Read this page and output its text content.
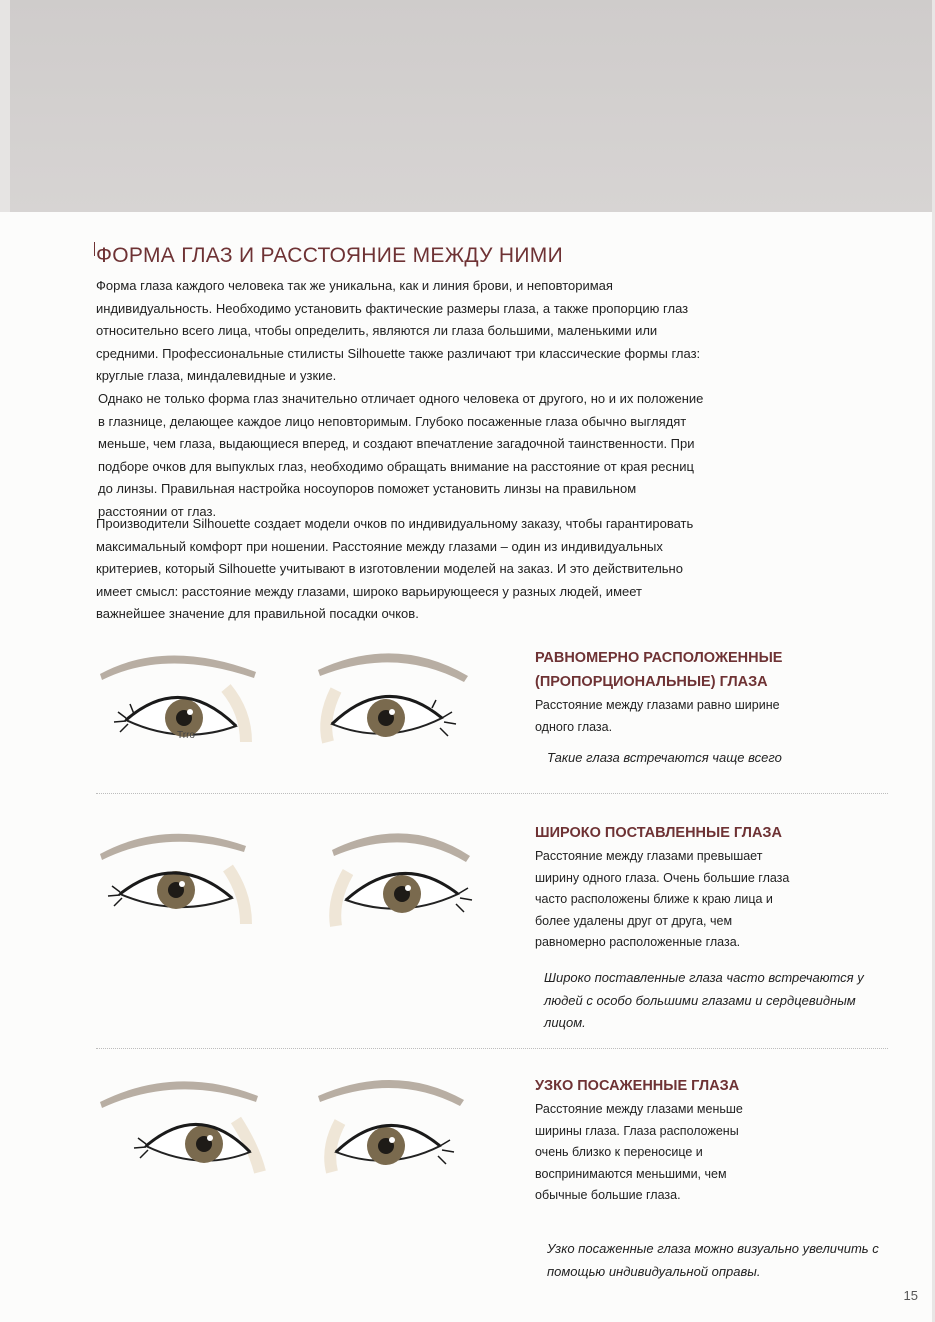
ФОРМА ГЛАЗ И РАССТОЯНИЕ МЕЖДУ НИМИ

Форма глаза каждого человека так же уникальна, как и линия брови, и неповторимая индивидуальность. Необходимо установить фактические размеры глаза, а также пропорцию глаз относительно всего лица, чтобы определить, являются ли глаза большими, маленькими или средними. Профессиональные стилисты Silhouette также различают три классические формы глаз: круглые глаза, миндалевидные и узкие.

Однако не только форма глаз значительно отличает одного человека от другого, но и их положение в глазнице, делающее каждое лицо неповторимым. Глубоко посаженные глаза обычно выглядят меньше, чем глаза, выдающиеся вперед, и создают впечатление загадочной таинственности. При подборе очков для выпуклых глаз, необходимо обращать внимание на расстояние от края ресниц до линзы. Правильная настройка носоупоров поможет установить линзы на правильном расстоянии от глаз.

Производители Silhouette создает модели очков по индивидуальному заказу, чтобы гарантировать максимальный комфорт при ношении. Расстояние между глазами – один из индивидуальных критериев, который Silhouette учитывают в изготовлении моделей на заказ. И это действительно имеет смысл: расстояние между глазами, широко варьирующееся у разных людей, имеет важнейшее значение для правильной посадки очков.

Trro
РАВНОМЕРНО РАСПОЛОЖЕННЫЕ
(ПРОПОРЦИОНАЛЬНЫЕ) ГЛАЗА

Расстояние между глазами равно ширине одного глаза.

Такие глаза встречаются чаще всего

ШИРОКО ПОСТАВЛЕННЫЕ ГЛАЗА

Расстояние между глазами превышает ширину одного глаза. Очень большие глаза часто расположены ближе к краю лица и более удалены друг от друга, чем равномерно расположенные глаза.

Широко поставленные глаза часто встречаются у людей с особо большими глазами и сердцевидным лицом.

УЗКО ПОСАЖЕННЫЕ ГЛАЗА

Расстояние между глазами меньше ширины глаза. Глаза расположены очень близко к переносице и воспринимаются меньшими, чем обычные большие глаза.

Узко посаженные глаза можно визуально увеличить с помощью индивидуальной оправы.

15
